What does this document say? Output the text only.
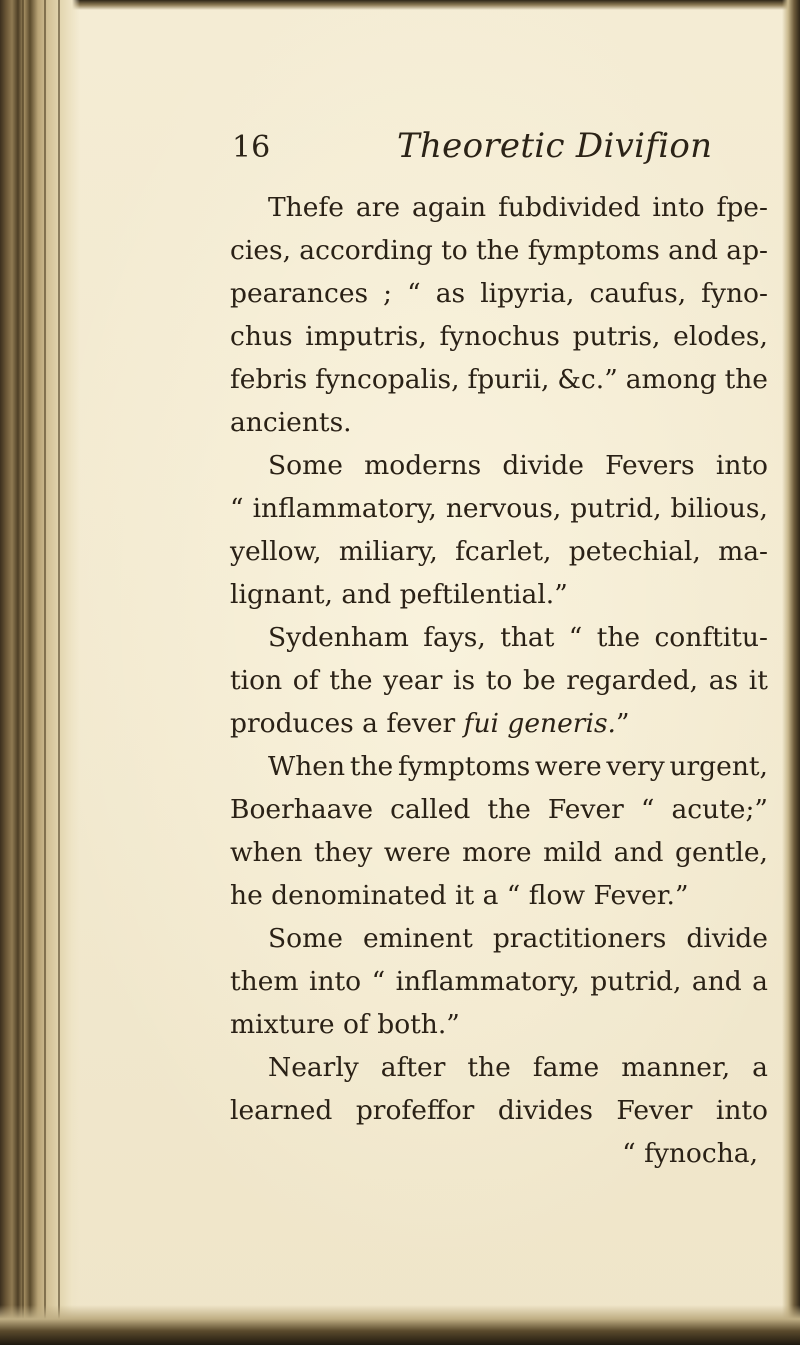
16	Theoretic Divifion
Thefe are again fubdivided into fpe-
cies, according to the fymptoms and ap-
pearances ; “ as lipyria, caufus, fyno-
chus imputris, fynochus putris, elodes,
febris fyncopalis, fpurii, &c.” among the
ancients.
Some moderns divide Fevers into
“ inflammatory, nervous, putrid, bilious,
yellow, miliary, fcarlet, petechial, ma-
lignant, and peftilential.”
Sydenham fays, that “ the conftitu-
tion of the year is to be regarded, as it
produces a fever
fui generis. ”
When the fymptoms were very urgent,
Boerhaave called the Fever “ acute;”
when they were more mild and gentle,
he denominated it a “ flow Fever.”
Some eminent practitioners divide
them into “ inflammatory, putrid, and a
mixture of both.”
Nearly after the fame manner, a
learned profeffor divides Fever into
“ fynocha,
